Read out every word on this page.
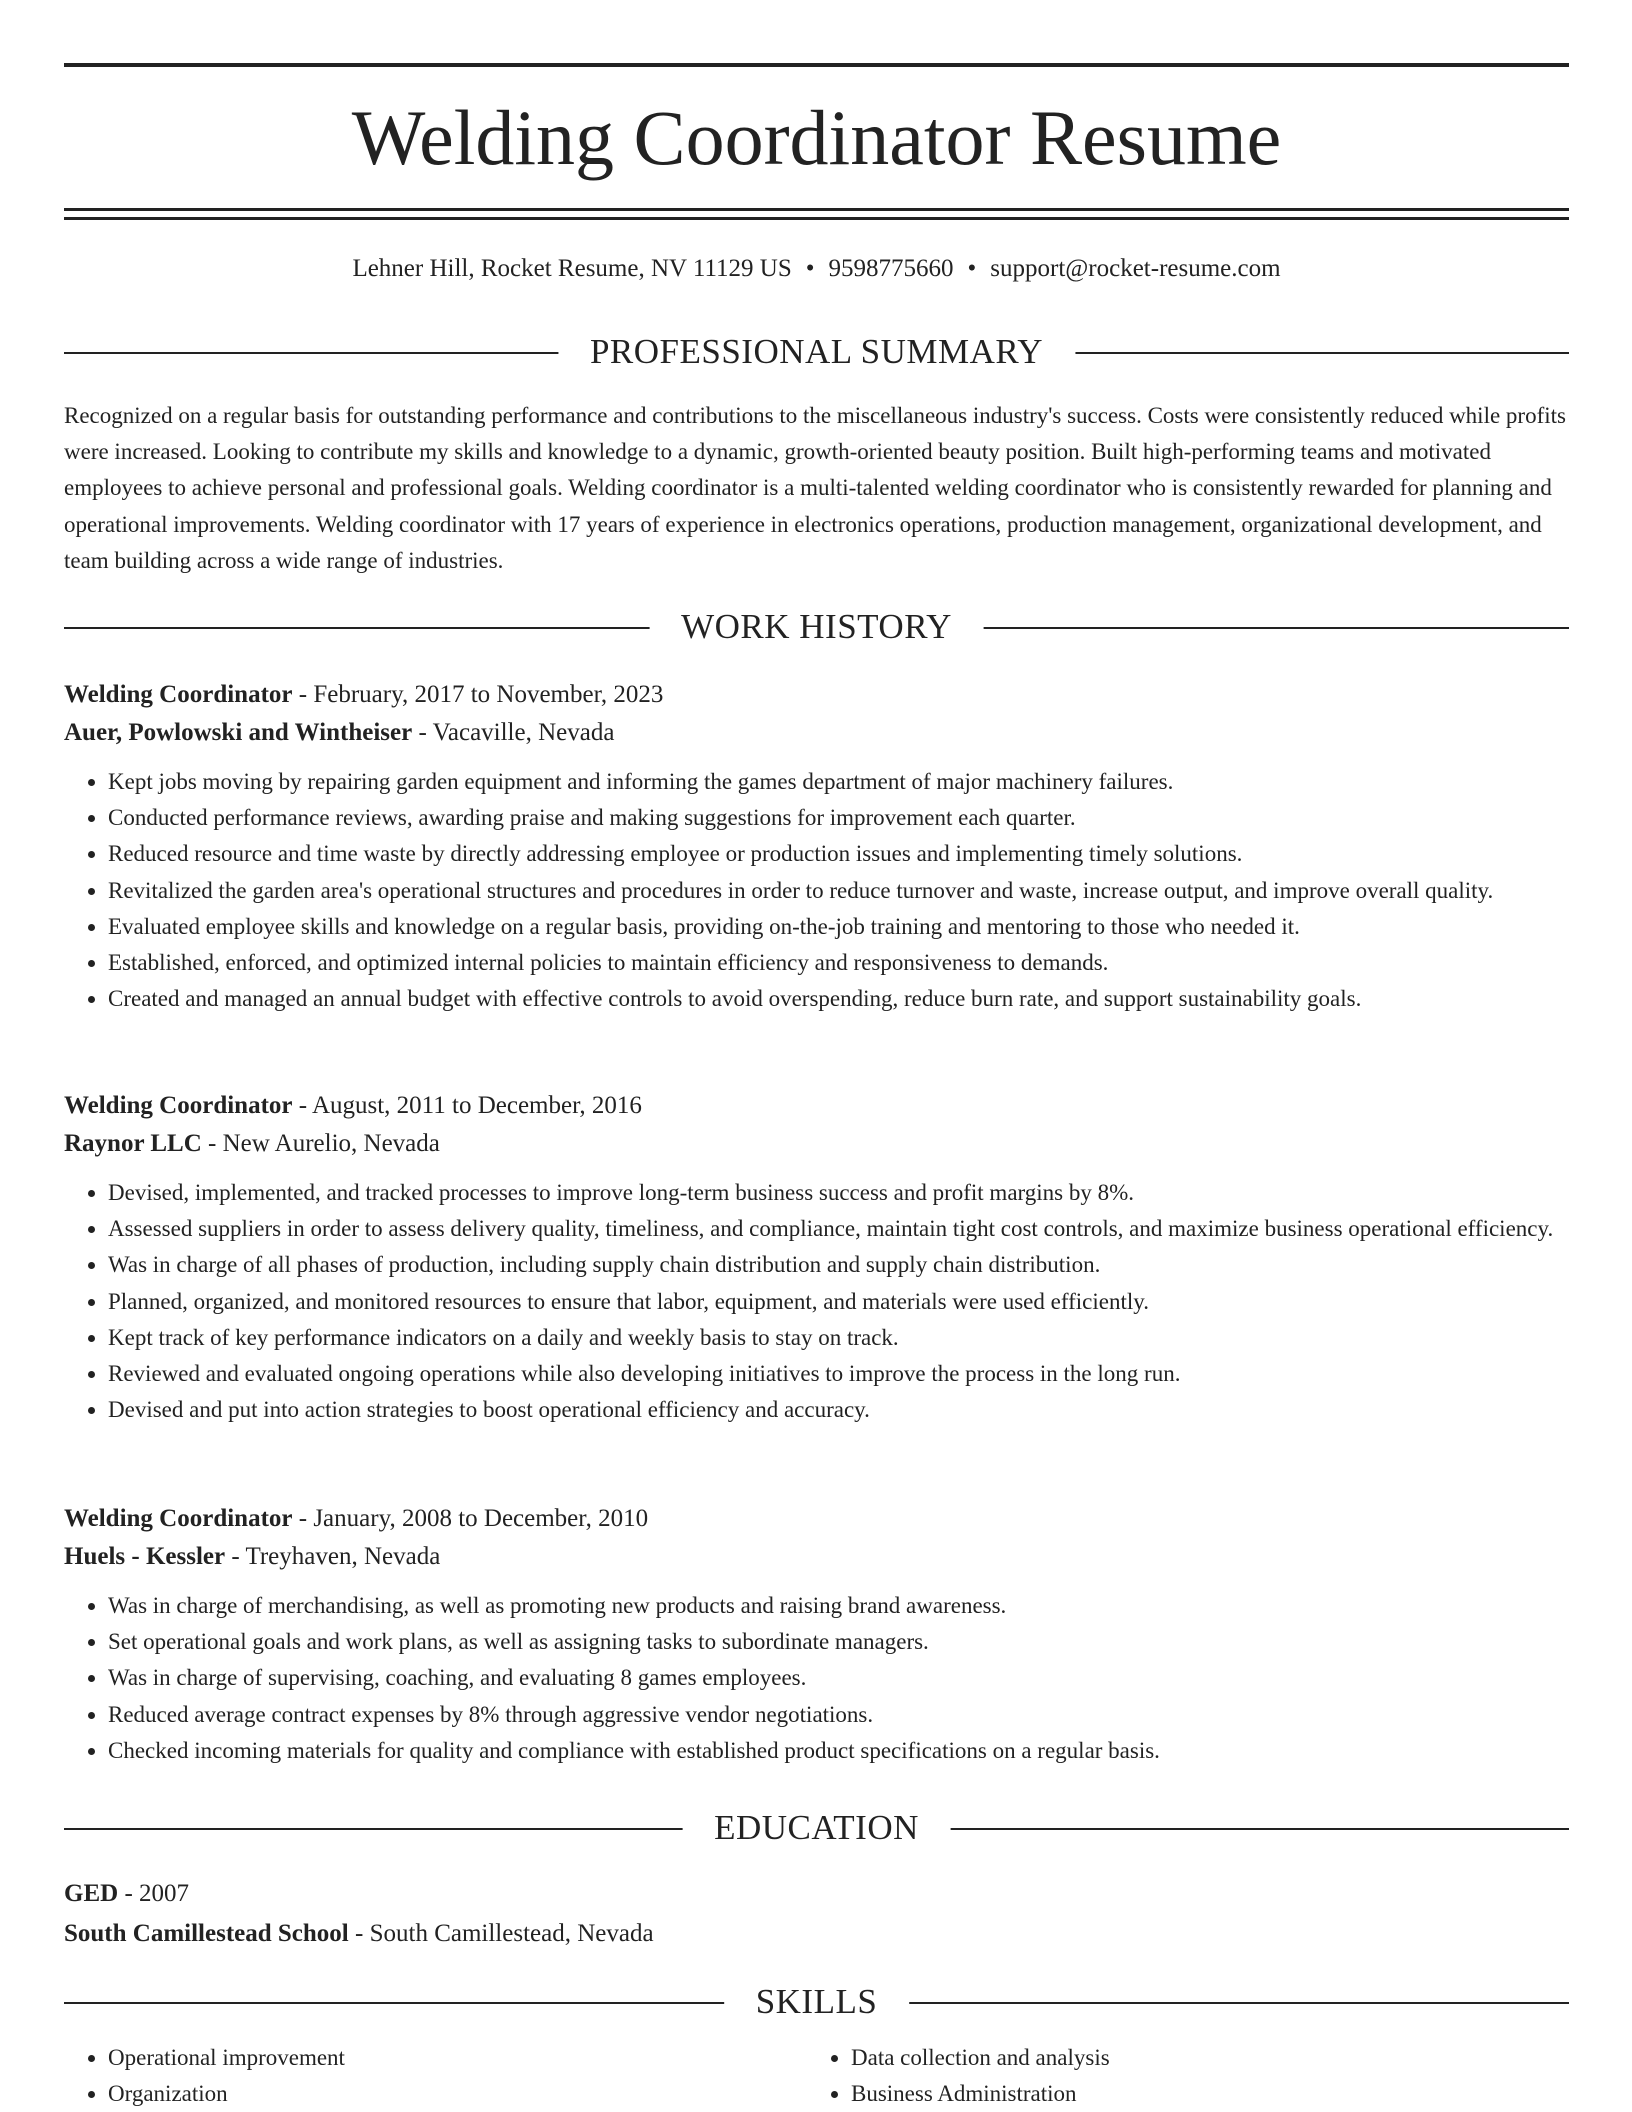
Welding Coordinator Resume
Lehner Hill, Rocket Resume, NV 11129 US • 9598775660 • support@rocket-resume.com
PROFESSIONAL SUMMARY

Recognized on a regular basis for outstanding performance and contributions to the miscellaneous industry's success. Costs were consistently reduced while profits were increased. Looking to contribute my skills and knowledge to a dynamic, growth-oriented beauty position. Built high-performing teams and motivated employees to achieve personal and professional goals. Welding coordinator is a multi-talented welding coordinator who is consistently rewarded for planning and operational improvements. Welding coordinator with 17 years of experience in electronics operations, production management, organizational development, and team building across a wide range of industries.

WORK HISTORY
Welding Coordinator - February, 2017 to November, 2023
Auer, Powlowski and Wintheiser - Vacaville, Nevada
• Kept jobs moving by repairing garden equipment and informing the games department of major machinery failures.
• Conducted performance reviews, awarding praise and making suggestions for improvement each quarter.
• Reduced resource and time waste by directly addressing employee or production issues and implementing timely solutions.
• Revitalized the garden area's operational structures and procedures in order to reduce turnover and waste, increase output, and improve overall quality.
• Evaluated employee skills and knowledge on a regular basis, providing on-the-job training and mentoring to those who needed it.
• Established, enforced, and optimized internal policies to maintain efficiency and responsiveness to demands.
• Created and managed an annual budget with effective controls to avoid overspending, reduce burn rate, and support sustainability goals.
Welding Coordinator - August, 2011 to December, 2016
Raynor LLC - New Aurelio, Nevada
• Devised, implemented, and tracked processes to improve long-term business success and profit margins by 8%.
• Assessed suppliers in order to assess delivery quality, timeliness, and compliance, maintain tight cost controls, and maximize business operational efficiency.
• Was in charge of all phases of production, including supply chain distribution and supply chain distribution.
• Planned, organized, and monitored resources to ensure that labor, equipment, and materials were used efficiently.
• Kept track of key performance indicators on a daily and weekly basis to stay on track.
• Reviewed and evaluated ongoing operations while also developing initiatives to improve the process in the long run.
• Devised and put into action strategies to boost operational efficiency and accuracy.
Welding Coordinator - January, 2008 to December, 2010
Huels - Kessler - Treyhaven, Nevada
• Was in charge of merchandising, as well as promoting new products and raising brand awareness.
• Set operational goals and work plans, as well as assigning tasks to subordinate managers.
• Was in charge of supervising, coaching, and evaluating 8 games employees.
• Reduced average contract expenses by 8% through aggressive vendor negotiations.
• Checked incoming materials for quality and compliance with established product specifications on a regular basis.
EDUCATION
GED - 2007
South Camillestead School - South Camillestead, Nevada
SKILLS
• Operational improvement
• Organization
• Data collection and analysis
• Business Administration
